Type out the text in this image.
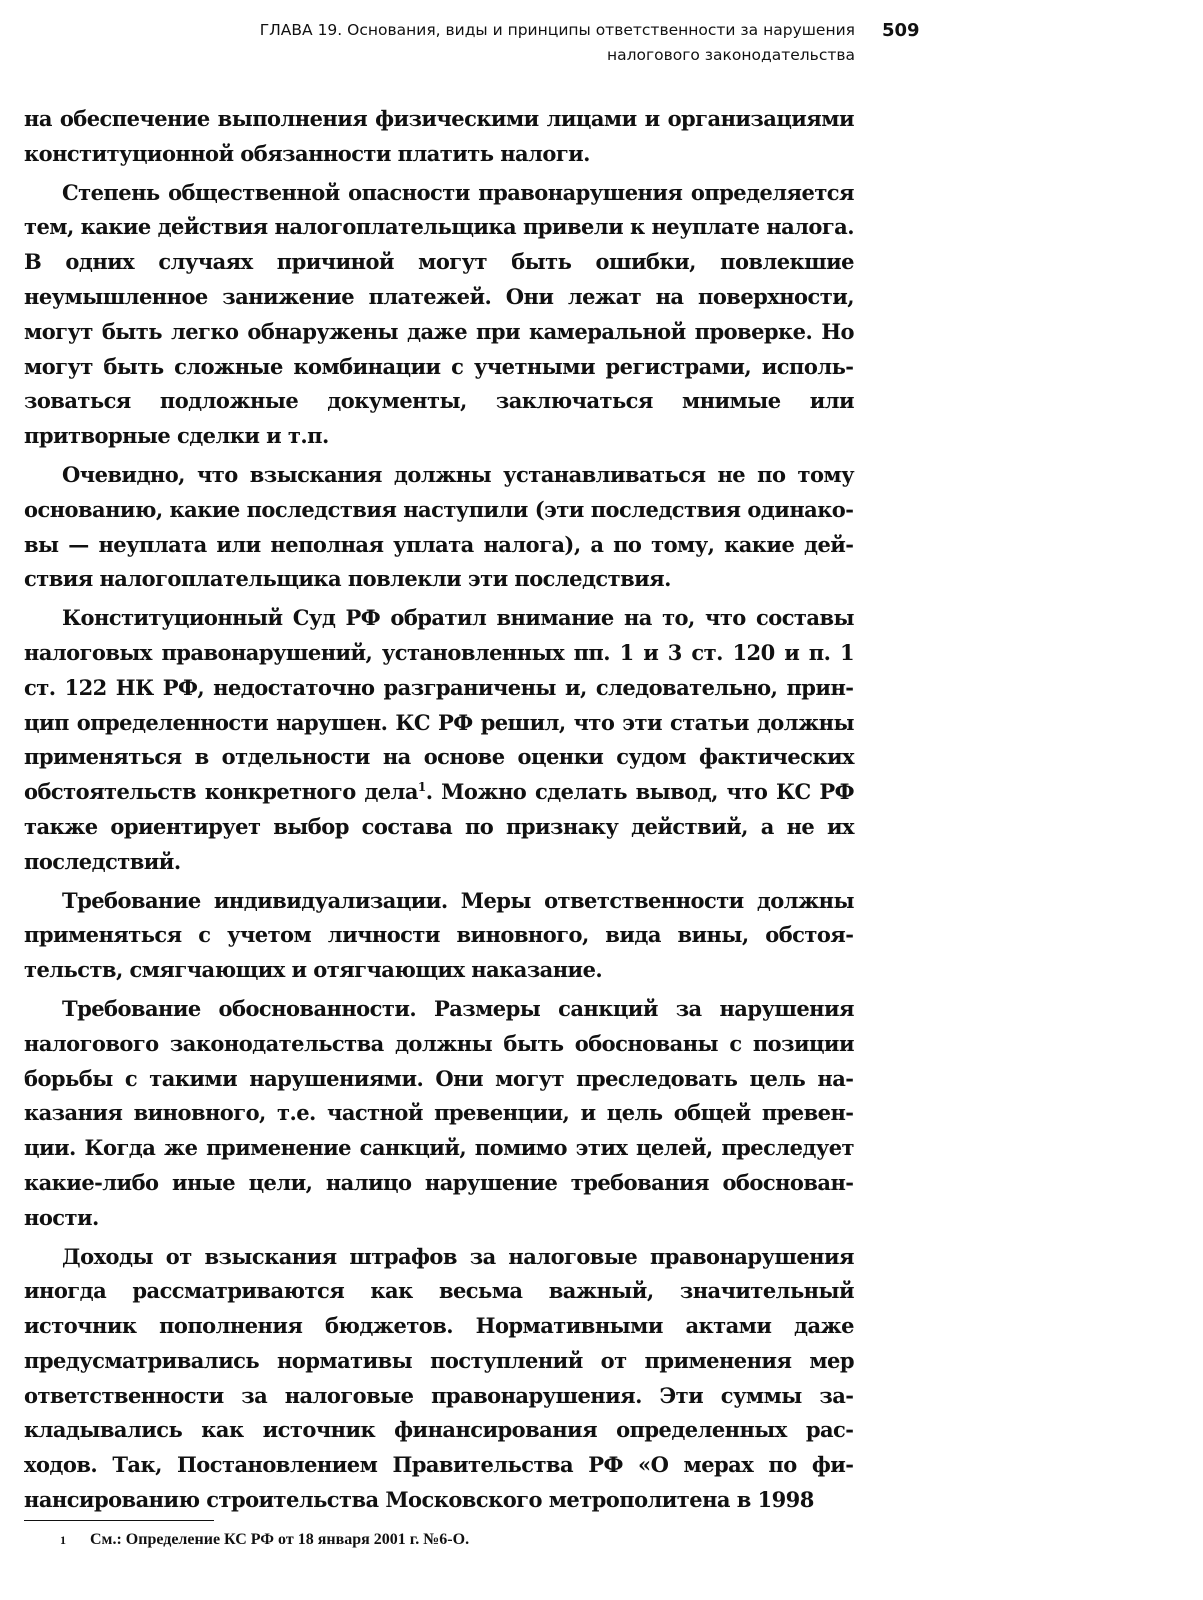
ГЛАВА 19. Основания, виды и принципы ответственности за нарушения
налогового законодательства
509

на обеспечение выполнения физическими лицами и организациями конституционной обязанности платить налоги.

Степень общественной опасности правонарушения определяется тем, какие действия налогоплательщика привели к неуплате налога. В одних случаях причиной могут быть ошибки, повлекшие неумышленное занижение платежей. Они лежат на поверхности, могут быть легко обнаружены даже при камеральной проверке. Но могут быть сложные комбинации с учетными регистрами, использоваться подложные документы, заключаться мнимые или притворные сделки и т.п.

Очевидно, что взыскания должны устанавливаться не по тому основанию, какие последствия наступили (эти последствия одинаковы — неуплата или неполная уплата налога), а по тому, какие действия налогоплательщика повлекли эти последствия.

Конституционный Суд РФ обратил внимание на то, что составы налоговых правонарушений, установленных пп. 1 и 3 ст. 120 и п. 1 ст. 122 НК РФ, недостаточно разграничены и, следовательно, принцип определенности нарушен. КС РФ решил, что эти статьи должны применяться в отдельности на основе оценки судом фактических обстоятельств конкретного дела$^1$. Можно сделать вывод, что КС РФ также ориентирует выбор состава по признаку действий, а не их последствий.

Требование индивидуализации. Меры ответственности должны применяться с учетом личности виновного, вида вины, обстоятельств, смягчающих и отягчающих наказание.

Требование обоснованности. Размеры санкций за нарушения налогового законодательства должны быть обоснованы с позиции борьбы с такими нарушениями. Они могут преследовать цель наказания виновного, т.е. частной превенции, и цель общей превенции. Когда же применение санкций, помимо этих целей, преследует какие-либо иные цели, налицо нарушение требования обоснованности.

Доходы от взыскания штрафов за налоговые правонарушения иногда рассматриваются как весьма важный, значительный источник пополнения бюджетов. Нормативными актами даже предусматривались нормативы поступлений от применения мер ответственности за налоговые правонарушения. Эти суммы закладывались как источник финансирования определенных расходов. Так, Постановлением Правительства РФ «О мерах по финансированию строительства Московского метрополитена в 1998

1 См.: Определение КС РФ от 18 января 2001 г. №6-О.
